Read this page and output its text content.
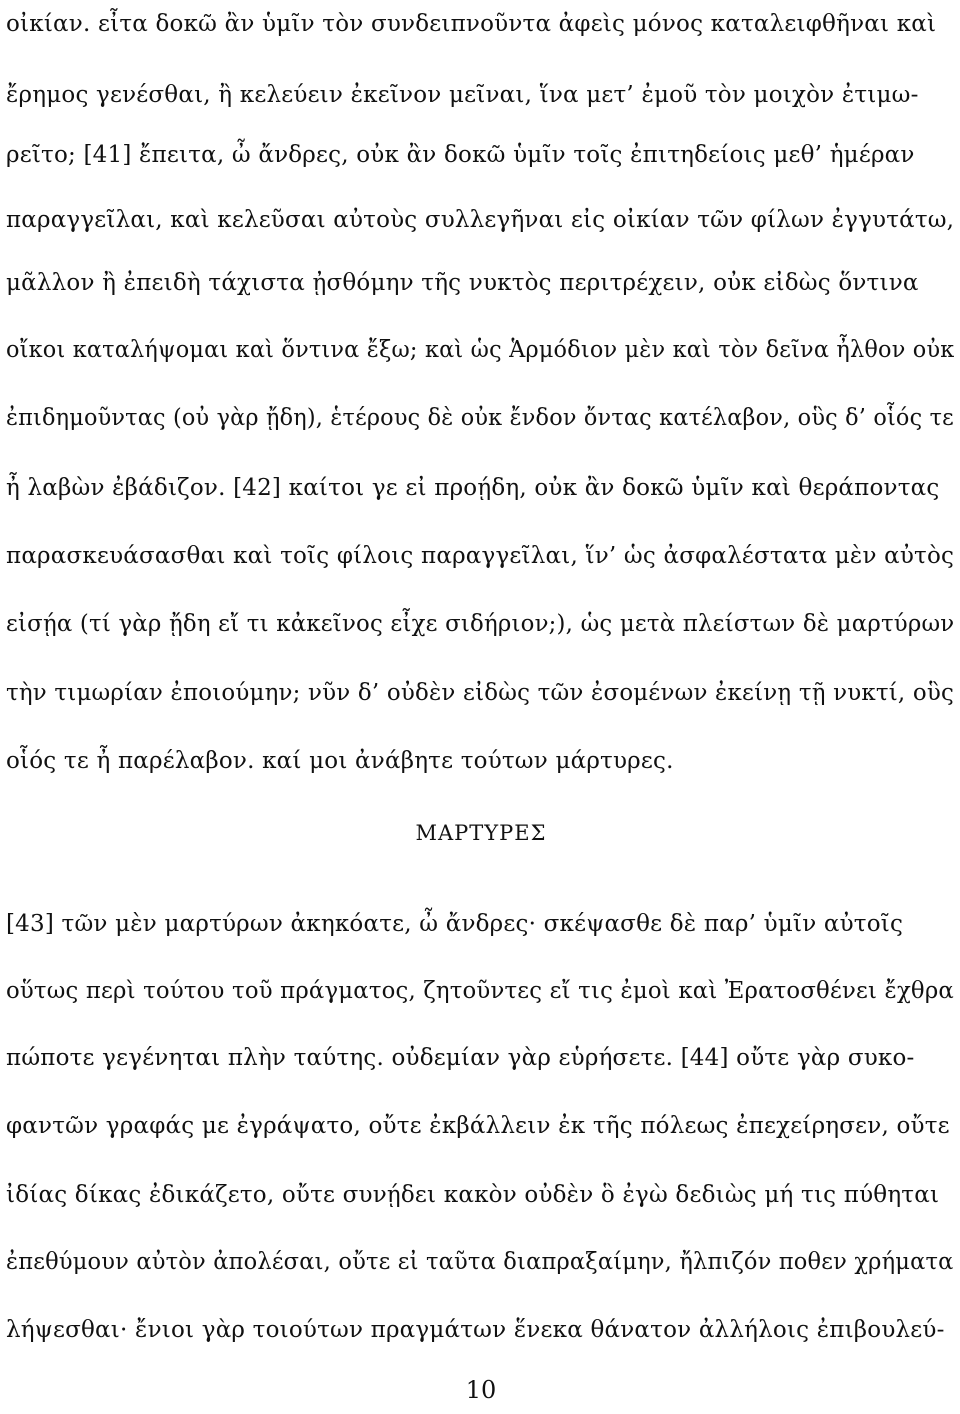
οἰκίαν. εἶτα δοκῶ ἂν ὑμῖν τὸν συνδειπνοῦντα ἀφεὶς μόνος καταλειφθῆναι καὶ
ἔρημος γενέσθαι, ἢ κελεύειν ἐκεῖνον μεῖναι, ἵνα μετ’ ἐμοῦ τὸν μοιχὸν ἐτιμω-
ρεῖτο; [41] ἔπειτα, ὦ ἄνδρες, οὐκ ἂν δοκῶ ὑμῖν τοῖς ἐπιτηδείοις μεθ’ ἡμέραν
παραγγεῖλαι, καὶ κελεῦσαι αὐτοὺς συλλεγῆναι εἰς οἰκίαν τῶν φίλων ἐγγυτάτω,
μᾶλλον ἢ ἐπειδὴ τάχιστα ᾐσθόμην τῆς νυκτὸς περιτρέχειν, οὐκ εἰδὼς ὅντινα
οἴκοι καταλήψομαι καὶ ὅντινα ἔξω; καὶ ὡς Ἁρμόδιον μὲν καὶ τὸν δεῖνα ἦλθον οὐκ
ἐπιδημοῦντας (οὐ γὰρ ᾔδη), ἑτέρους δὲ οὐκ ἔνδον ὄντας κατέλαβον, οὓς δ’ οἷός τε
ἦ λαβὼν ἐβάδιζον. [42] καίτοι γε εἰ προῄδη, οὐκ ἂν δοκῶ ὑμῖν καὶ θεράποντας
παρασκευάσασθαι καὶ τοῖς φίλοις παραγγεῖλαι, ἵν’ ὡς ἀσφαλέστατα μὲν αὐτὸς
εἰσῄα (τί γὰρ ᾔδη εἴ τι κἀκεῖνος εἶχε σιδήριον;), ὡς μετὰ πλείστων δὲ μαρτύρων
τὴν τιμωρίαν ἐποιούμην; νῦν δ’ οὐδὲν εἰδὼς τῶν ἐσομένων ἐκείνῃ τῇ νυκτί, οὓς
οἷός τε ἦ παρέλαβον. καί μοι ἀνάβητε τούτων μάρτυρες.
ΜΑΡΤΥΡΕΣ
[43] τῶν μὲν μαρτύρων ἀκηκόατε, ὦ ἄνδρες· σκέψασθε δὲ παρ’ ὑμῖν αὐτοῖς
οὕτως περὶ τούτου τοῦ πράγματος, ζητοῦντες εἴ τις ἐμοὶ καὶ Ἐρατοσθένει ἔχθρα
πώποτε γεγένηται πλὴν ταύτης. οὐδεμίαν γὰρ εὑρήσετε. [44] οὔτε γὰρ συκο-
φαντῶν γραφάς με ἐγράψατο, οὔτε ἐκβάλλειν ἐκ τῆς πόλεως ἐπεχείρησεν, οὔτε
ἰδίας δίκας ἐδικάζετο, οὔτε συνῄδει κακὸν οὐδὲν ὃ ἐγὼ δεδιὼς μή τις πύθηται
ἐπεθύμουν αὐτὸν ἀπολέσαι, οὔτε εἰ ταῦτα διαπραξαίμην, ἤλπιζόν ποθεν χρήματα
λήψεσθαι· ἔνιοι γὰρ τοιούτων πραγμάτων ἕνεκα θάνατον ἀλλήλοις ἐπιβουλεύ-
10
